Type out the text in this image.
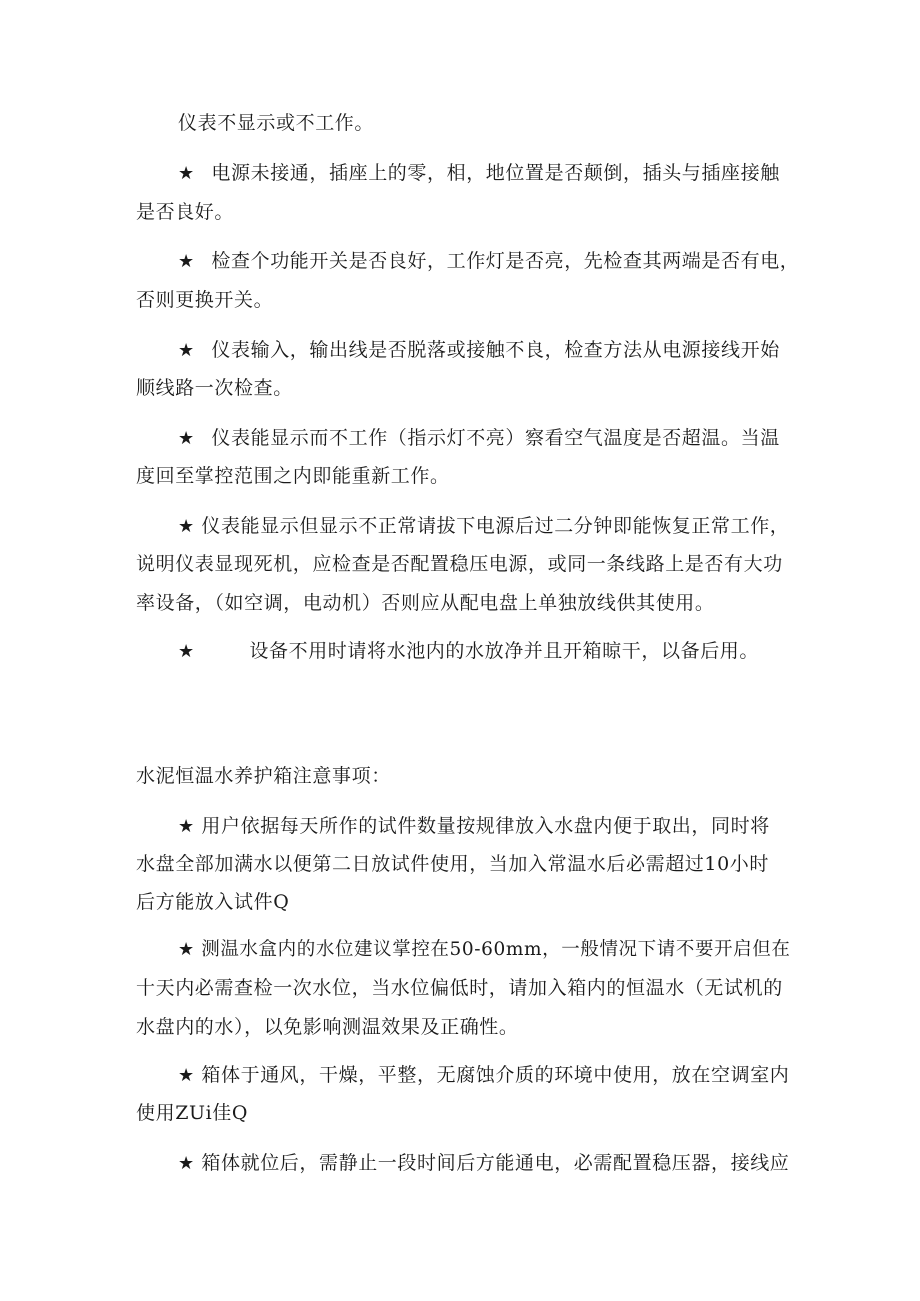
仪表不显示或不工作。
★ 电源未接通，插座上的零，相，地位置是否颠倒，插头与插座接触
是否良好。
★ 检查个功能开关是否良好，工作灯是否亮，先检查其两端是否有电，
否则更换开关。
★ 仪表输入，输出线是否脱落或接触不良，检查方法从电源接线开始
顺线路一次检查。
★ 仪表能显示而不工作（指示灯不亮）察看空气温度是否超温。当温
度回至掌控范围之内即能重新工作。
★ 仪表能显示但显示不正常请拔下电源后过二分钟即能恢复正常工作，
说明仪表显现死机，应检查是否配置稳压电源，或同一条线路上是否有大功
率设备，（如空调，电动机）否则应从配电盘上单独放线供其使用。
★	设备不用时请将水池内的水放净并且开箱晾干，以备后用。
水泥恒温水养护箱注意事项：
★ 用户依据每天所作的试件数量按规律放入水盘内便于取出，同时将
水盘全部加满水以便第二日放试件使用，当加入常温水后必需超过10小时
后方能放入试件Q
★ 测温水盒内的水位建议掌控在50-60mm，一般情况下请不要开启但在
十天内必需查检一次水位，当水位偏低时，请加入箱内的恒温水（无试机的
水盘内的水），以免影响测温效果及正确性。
★ 箱体于通风，干燥，平整，无腐蚀介质的环境中使用，放在空调室内
使用ZUi佳Q
★ 箱体就位后，需静止一段时间后方能通电，必需配置稳压器，接线应
